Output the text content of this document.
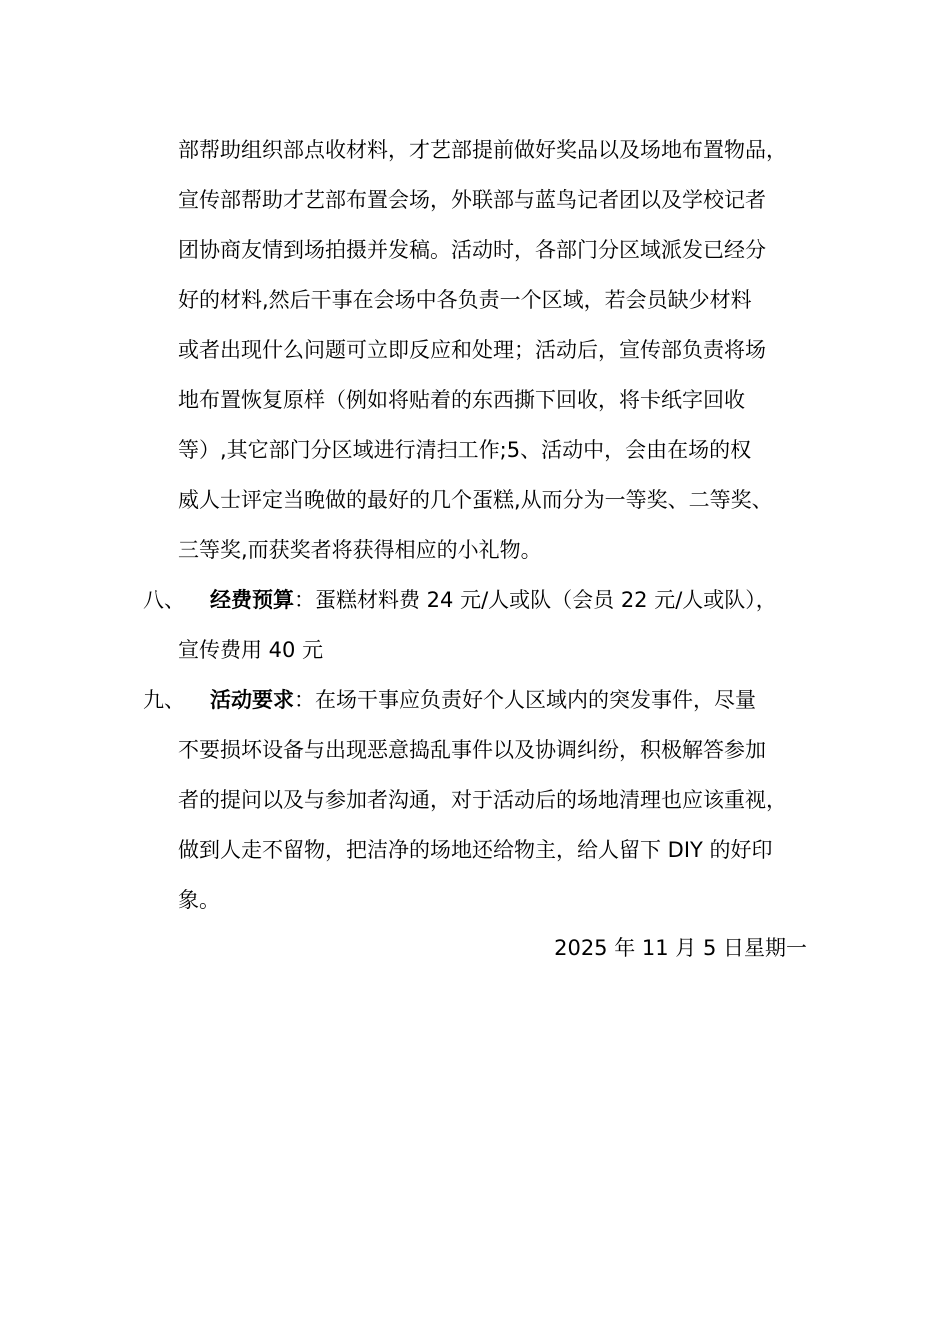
部帮助组织部点收材料，才艺部提前做好奖品以及场地布置物品，
宣传部帮助才艺部布置会场，外联部与蓝鸟记者团以及学校记者
团协商友情到场拍摄并发稿。活动时，各部门分区域派发已经分
好的材料,然后干事在会场中各负责一个区域，若会员缺少材料
或者出现什么问题可立即反应和处理；活动后，宣传部负责将场
地布置恢复原样（例如将贴着的东西撕下回收，将卡纸字回收
等）,其它部门分区域进行清扫工作;5、活动中，会由在场的权
威人士评定当晚做的最好的几个蛋糕,从而分为一等奖、二等奖、
三等奖,而获奖者将获得相应的小礼物。
八、 经费预算：蛋糕材料费 24 元/人或队（会员 22 元/人或队），
宣传费用 40 元
九、 活动要求：在场干事应负责好个人区域内的突发事件，尽量
不要损坏设备与出现恶意捣乱事件以及协调纠纷，积极解答参加
者的提问以及与参加者沟通，对于活动后的场地清理也应该重视，
做到人走不留物，把洁净的场地还给物主，给人留下 DIY 的好印
象。
2025 年 11 月 5 日星期一
